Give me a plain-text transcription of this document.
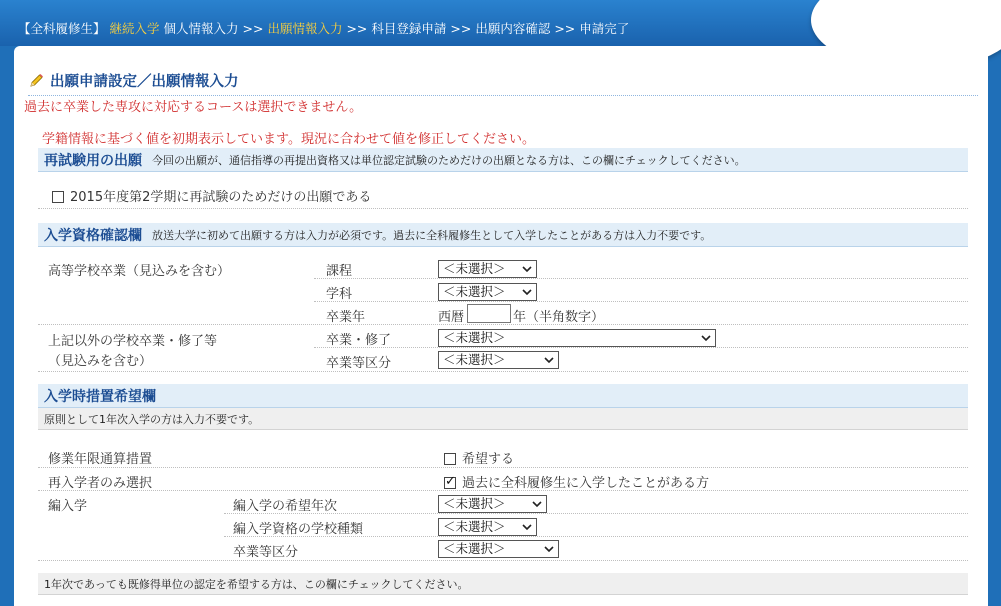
【全科履修生】 継続入学 個人情報入力 >> 出願情報入力 >> 科目登録申請 >> 出願内容確認 >> 申請完了
出願申請設定／出願情報入力
過去に卒業した専攻に対応するコースは選択できません。
学籍情報に基づく値を初期表示しています。現況に合わせて値を修正してください。
再試験用の出願 今回の出願が、通信指導の再提出資格又は単位認定試験のためだけの出願となる方は、この欄にチェックしてください。
2015年度第2学期に再試験のためだけの出願である
入学資格確認欄 放送大学に初めて出願する方は入力が必須です。過去に全科履修生として入学したことがある方は入力不要です。
高等学校卒業（見込みを含む）	課程	＜未選択＞
学科	＜未選択＞
卒業年	西暦	年（半角数字）
上記以外の学校卒業・修了等
（見込みを含む）
卒業・修了	＜未選択＞
卒業等区分	＜未選択＞
入学時措置希望欄
原則として1年次入学の方は入力不要です。
修業年限通算措置	希望する
再入学者のみ選択
✓	過去に全科履修生に入学したことがある方
編入学	編入学の希望年次	＜未選択＞
編入学資格の学校種類	＜未選択＞
卒業等区分	＜未選択＞
1年次であっても既修得単位の認定を希望する方は、この欄にチェックしてください。
